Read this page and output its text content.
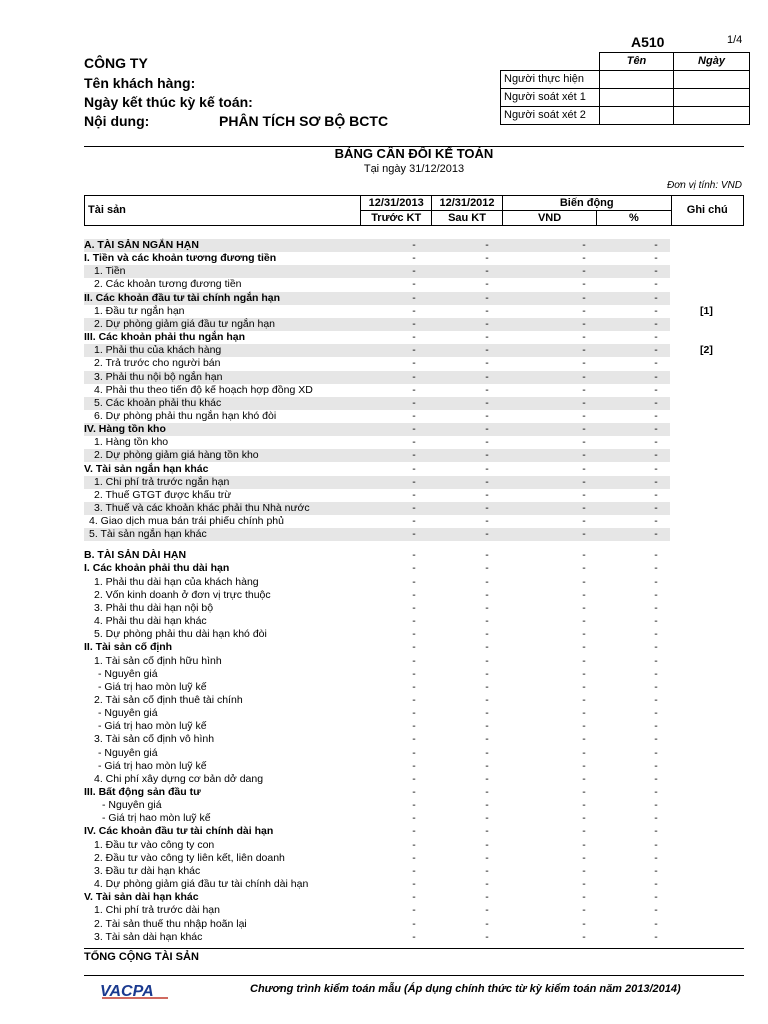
A510	1/4
CÔNG TY
Tên khách hàng:
Ngày kết thúc kỳ kế toán:
Nội dung:	PHÂN TÍCH SƠ BỘ BCTC
	Tên	Ngày
Người thực hiện		
Người soát xét 1		
Người soát xét 2		
BẢNG CÂN ĐỐI KẾ TOÁN
Tại ngày 31/12/2013
Đơn vị tính: VND
Tài sản	12/31/2013	12/31/2012	Biến động		Ghi chú
	Trước KT	Sau KT	VND	%	
A. TÀI SẢN NGẮN HẠN	-	-	-	-
I. Tiền và các khoản tương đương tiền	-	-	-	-
1. Tiền	-	-	-	-
2. Các khoản tương đương tiền	-	-	-	-
II. Các khoản đầu tư tài chính ngắn hạn	-	-	-	-
1. Đầu tư ngắn hạn	-	-	-	-	[1]
2. Dự phòng giảm giá đầu tư ngắn hạn	-	-	-	-
III. Các khoản phải thu ngắn hạn	-	-	-	-
1. Phải thu của khách hàng	-	-	-	-	[2]
2. Trả trước cho người bán	-	-	-	-
3. Phải thu nội bộ ngắn hạn	-	-	-	-
4. Phải thu theo tiến độ kế hoạch hợp đồng XD	-	-	-	-
5. Các khoản phải thu khác	-	-	-	-
6. Dự phòng phải thu ngắn hạn khó đòi	-	-	-	-
IV. Hàng tồn kho	-	-	-	-
1. Hàng tồn kho	-	-	-	-
2. Dự phòng giảm giá hàng tồn kho	-	-	-	-
V. Tài sản ngắn hạn khác	-	-	-	-
1. Chi phí trả trước ngắn hạn	-	-	-	-
2. Thuế GTGT được khấu trừ	-	-	-	-
3. Thuế và các khoản khác phải thu Nhà nước	-	-	-	-
4. Giao dịch mua bán trái phiếu chính phủ	-	-	-	-
5. Tài sản ngắn hạn khác	-	-	-	-
B. TÀI SẢN DÀI HẠN	-	-	-	-
I. Các khoản phải thu dài hạn	-	-	-	-
1. Phải thu dài hạn của khách hàng	-	-	-	-
2. Vốn kinh doanh ở đơn vị trực thuộc	-	-	-	-
3. Phải thu dài hạn nội bộ	-	-	-	-
4. Phải thu dài hạn khác	-	-	-	-
5. Dự phòng phải thu dài hạn khó đòi	-	-	-	-
II. Tài sản cố định	-	-	-	-
1. Tài sản cố định hữu hình	-	-	-	-
- Nguyên giá	-	-	-	-
- Giá trị hao mòn luỹ kế	-	-	-	-
2. Tài sản cố định thuê tài chính	-	-	-	-
- Nguyên giá	-	-	-	-
- Giá trị hao mòn luỹ kế	-	-	-	-
3. Tài sản cố định vô hình	-	-	-	-
- Nguyên giá	-	-	-	-
- Giá trị hao mòn luỹ kế	-	-	-	-
4. Chi phí xây dựng cơ bản dở dang	-	-	-	-
III. Bất động sản đầu tư	-	-	-	-
- Nguyên giá	-	-	-	-
- Giá trị hao mòn luỹ kế	-	-	-	-
IV. Các khoản đầu tư tài chính dài hạn	-	-	-	-
1. Đầu tư vào công ty con	-	-	-	-
2. Đầu tư vào công ty liên kết, liên doanh	-	-	-	-
3. Đầu tư dài hạn khác	-	-	-	-
4. Dự phòng giảm giá đầu tư tài chính dài hạn	-	-	-	-
V. Tài sản dài hạn khác	-	-	-	-
1. Chi phí trả trước dài hạn	-	-	-	-
2. Tài sản thuế thu nhập hoãn lại	-	-	-	-
3. Tài sản dài hạn khác	-	-	-	-
TỔNG CỘNG TÀI SẢN
VACPA	Chương trình kiểm toán mẫu (Áp dụng chính thức từ kỳ kiểm toán năm 2013/2014)
